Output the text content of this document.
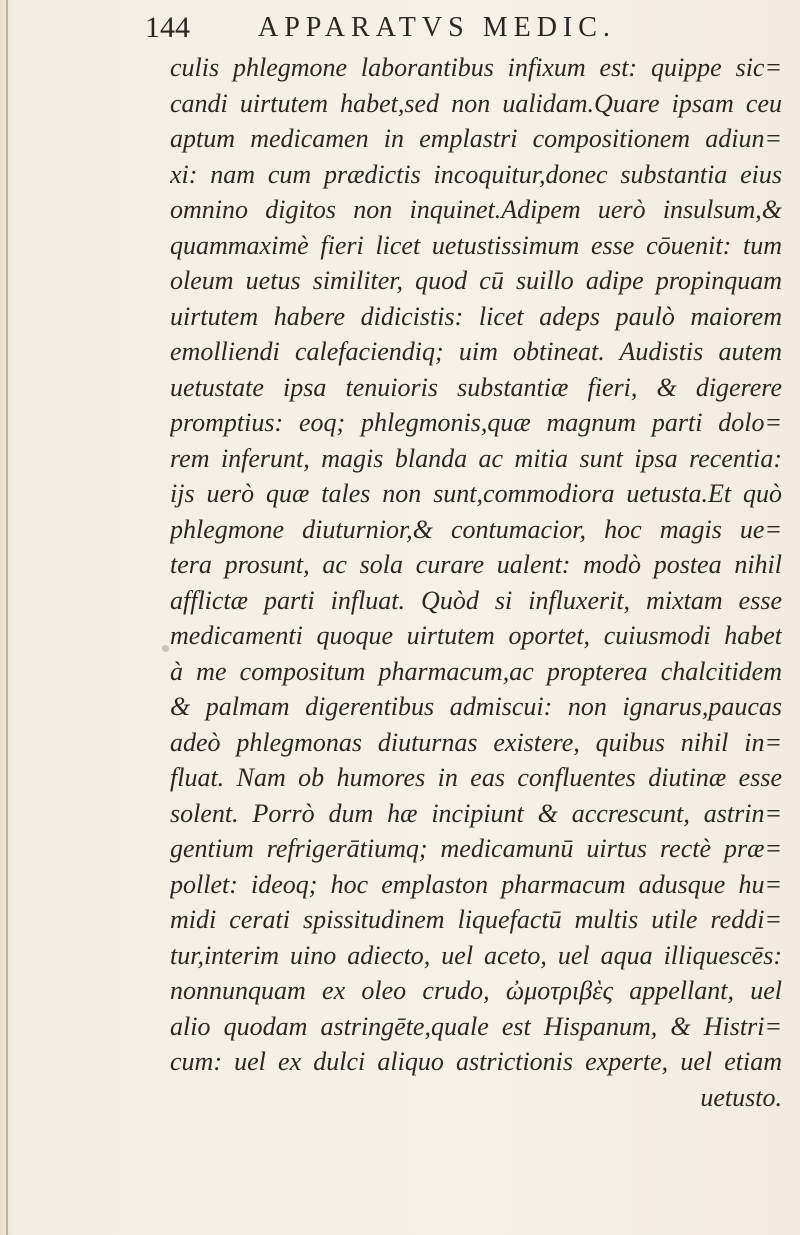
144 APPARATVS MEDIC.
culis phlegmone laborantibus infixum est: quippe sic=
candi uirtutem habet,sed non ualidam.Quare ipsam ceu
aptum medicamen in emplastri compositionem adiun=
xi: nam cum prædictis incoquitur,donec substantia eius
omnino digitos non inquinet.Adipem uerò insulsum,&
quammaximè fieri licet uetustissimum esse cōuenit: tum
oleum uetus similiter, quod cū suillo adipe propinquam
uirtutem habere didicistis: licet adeps paulò maiorem
emolliendi calefaciendiq; uim obtineat. Audistis autem
uetustate ipsa tenuioris substantiæ fieri, & digerere
promptius: eoq; phlegmonis,quæ magnum parti dolo=
rem inferunt, magis blanda ac mitia sunt ipsa recentia:
ijs uerò quæ tales non sunt,commodiora uetusta.Et quò
phlegmone diuturnior,& contumacior, hoc magis ue=
tera prosunt, ac sola curare ualent: modò postea nihil
afflictæ parti influat. Quòd si influxerit, mixtam esse
medicamenti quoque uirtutem oportet, cuiusmodi habet
à me compositum pharmacum,ac propterea chalcitidem
& palmam digerentibus admiscui: non ignarus,paucas
adeò phlegmonas diuturnas existere, quibus nihil in=
fluat. Nam ob humores in eas confluentes diutinæ esse
solent. Porrò dum hæ incipiunt & accrescunt, astrin=
gentium refrigerātiumq; medicamunū uirtus rectè præ=
pollet: ideoq; hoc emplaston pharmacum adusque hu=
midi cerati spissitudinem liquefactū multis utile reddi=
tur,interim uino adiecto, uel aceto, uel aqua illiquescēs:
nonnunquam ex oleo crudo, ὠμοτριβὲς appellant, uel
alio quodam astringēte,quale est Hispanum, & Histri=
cum: uel ex dulci aliquo astrictionis experte, uel etiam
uetusto.
